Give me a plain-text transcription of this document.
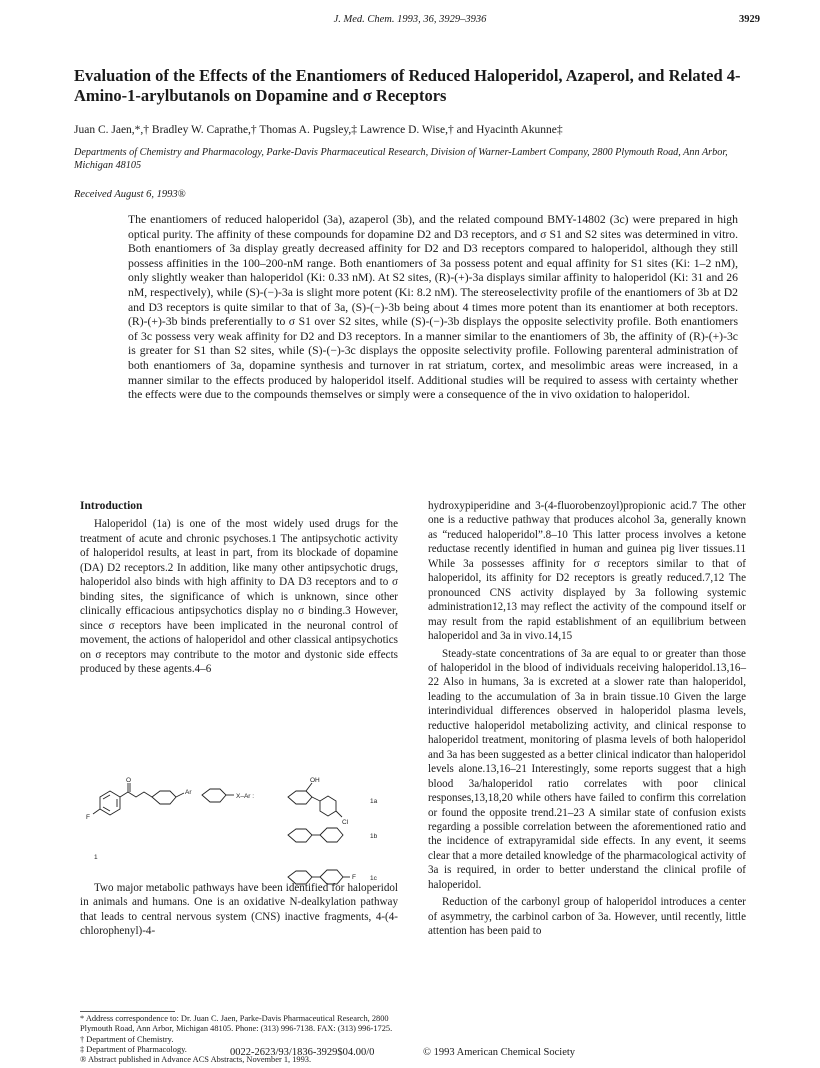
J. Med. Chem. 1993, 36, 3929–3936	3929
Evaluation of the Effects of the Enantiomers of Reduced Haloperidol, Azaperol, and Related 4-Amino-1-arylbutanols on Dopamine and σ Receptors
Juan C. Jaen,*,† Bradley W. Caprathe,† Thomas A. Pugsley,‡ Lawrence D. Wise,† and Hyacinth Akunne‡
Departments of Chemistry and Pharmacology, Parke-Davis Pharmaceutical Research, Division of Warner-Lambert Company, 2800 Plymouth Road, Ann Arbor, Michigan 48105
Received August 6, 1993®
The enantiomers of reduced haloperidol (3a), azaperol (3b), and the related compound BMY-14802 (3c) were prepared in high optical purity. The affinity of these compounds for dopamine D2 and D3 receptors, and σ S1 and S2 sites was determined in vitro. Both enantiomers of 3a display greatly decreased affinity for D2 and D3 receptors compared to haloperidol, although they still possess affinities in the 100–200-nM range. Both enantiomers of 3a possess potent and equal affinity for S1 sites (Ki: 1–2 nM), only slightly weaker than haloperidol (Ki: 0.33 nM). At S2 sites, (R)-(+)-3a displays similar affinity to haloperidol (Ki: 31 and 26 nM, respectively), while (S)-(−)-3a is slight more potent (Ki: 8.2 nM). The stereoselectivity profile of the enantiomers of 3b at D2 and D3 receptors is quite similar to that of 3a, (S)-(−)-3b being about 4 times more potent than its enantiomer at both receptors. (R)-(+)-3b binds preferentially to σ S1 over S2 sites, while (S)-(−)-3b displays the opposite selectivity profile. Both enantiomers of 3c possess very weak affinity for D2 and D3 receptors. In a manner similar to the enantiomers of 3b, the affinity of (R)-(+)-3c is greater for S1 than S2 sites, while (S)-(−)-3c displays the opposite selectivity profile. Following parenteral administration of both enantiomers of 3a, dopamine synthesis and turnover in rat striatum, cortex, and mesolimbic areas were increased, in a manner similar to the effects produced by haloperidol itself. Additional studies will be required to assess with certainty whether the effects were due to the compounds themselves or simply were a consequence of the in vivo oxidation to haloperidol.
Introduction

Haloperidol (1a) is one of the most widely used drugs for the treatment of acute and chronic psychoses.1 The antipsychotic activity of haloperidol results, at least in part, from its blockade of dopamine (DA) D2 receptors.2 In addition, like many other antipsychotic drugs, haloperidol also binds with high affinity to DA D3 receptors and to σ binding sites, the significance of which is unknown, since other clinically efficacious antipsychotics display no σ binding.3 However, since σ receptors have been implicated in the neuronal control of movement, the actions of haloperidol and other classical antipsychotics on σ receptors may contribute to the motor and dystonic side effects produced by these agents.4–6

O
F
Ar
X–Ar :
OH
Cl
F
1
1a
1b
1c

Two major metabolic pathways have been identified for haloperidol in animals and humans. One is an oxidative N-dealkylation pathway that leads to central nervous system (CNS) inactive fragments, 4-(4-chlorophenyl)-4-

* Address correspondence to: Dr. Juan C. Jaen, Parke-Davis Pharmaceutical Research, 2800 Plymouth Road, Ann Arbor, Michigan 48105. Phone: (313) 996-7138. FAX: (313) 996-1725.
† Department of Chemistry.
‡ Department of Pharmacology.
® Abstract published in Advance ACS Abstracts, November 1, 1993.

hydroxypiperidine and 3-(4-fluorobenzoyl)propionic acid.7 The other one is a reductive pathway that produces alcohol 3a, generally known as “reduced haloperidol”.8–10 This latter process involves a ketone reductase recently identified in human and guinea pig liver tissues.11 While 3a possesses affinity for σ receptors similar to that of haloperidol, its affinity for D2 receptors is greatly reduced.7,12 The pronounced CNS activity displayed by 3a following systemic administration12,13 may reflect the activity of the compound itself or may result from the rapid establishment of an equilibrium between haloperidol and 3a in vivo.14,15

Steady-state concentrations of 3a are equal to or greater than those of haloperidol in the blood of individuals receiving haloperidol.13,16–22 Also in humans, 3a is excreted at a slower rate than haloperidol, leading to the accumulation of 3a in brain tissue.10 Given the large interindividual differences observed in haloperidol plasma levels, reductive haloperidol metabolizing activity, and clinical response to haloperidol treatment, monitoring of plasma levels of both haloperidol and 3a has been suggested as a better clinical indicator than haloperidol levels alone.13,16–21 Interestingly, some reports suggest that a high blood 3a/haloperidol ratio correlates with poor clinical responses,13,18,20 while others have failed to confirm this correlation or found the opposite trend.21–23 A similar state of confusion exists regarding a possible correlation between the aforementioned ratio and the incidence of extrapyramidal side effects. In any event, it seems clear that a more detailed knowledge of the pharmacological activity of 3a is required, in order to better understand the clinical profile of haloperidol.

Reduction of the carbonyl group of haloperidol introduces a center of asymmetry, the carbinol carbon of 3a. However, until recently, little attention has been paid to

0022-2623/93/1836-3929$04.00/0	© 1993 American Chemical Society
